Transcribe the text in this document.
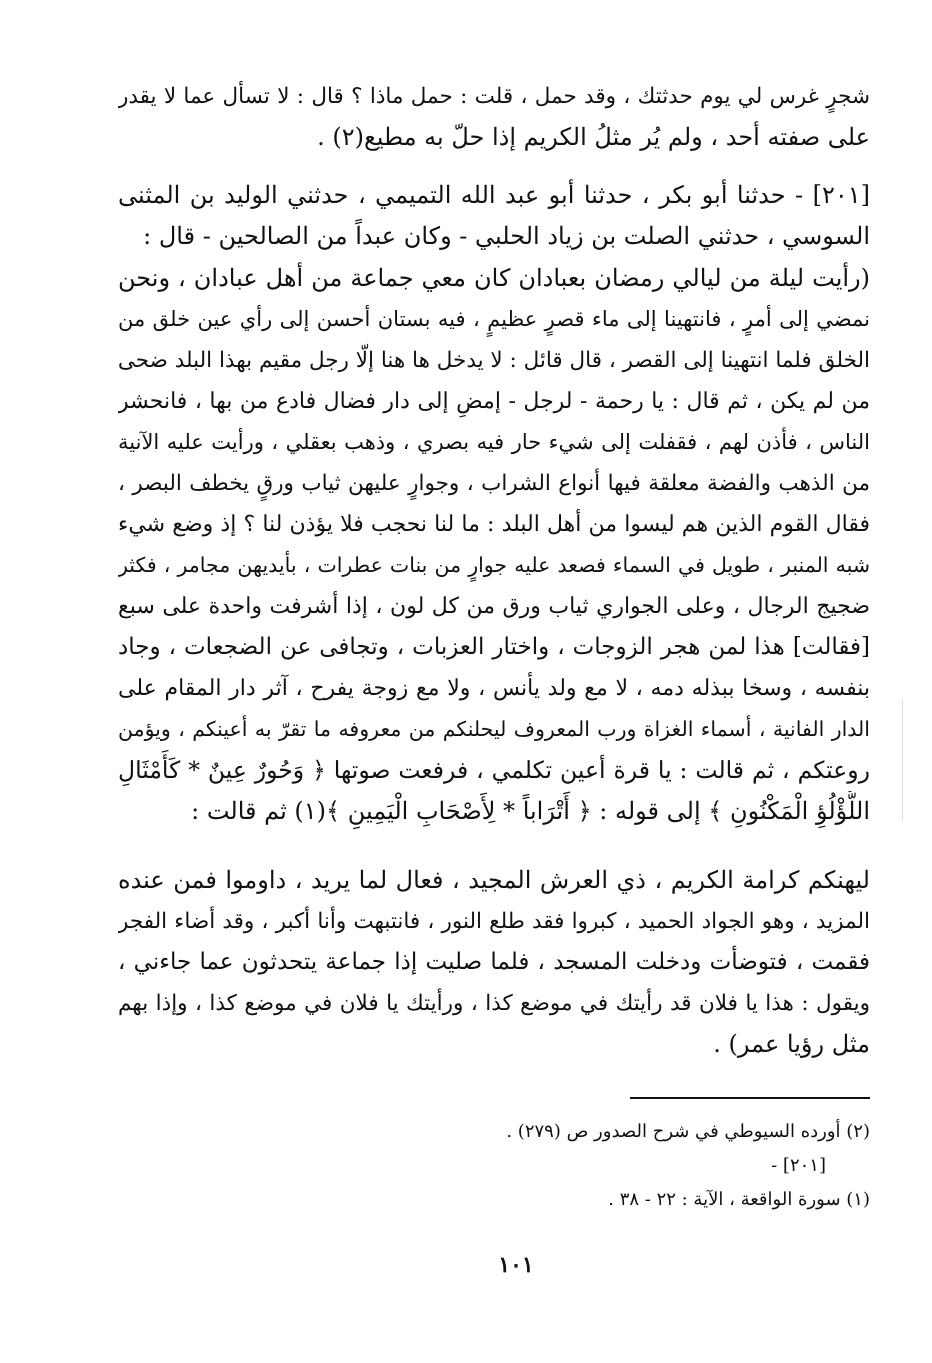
شجرٍ غرس لي يوم حدثتك ، وقد حمل ، قلت : حمل ماذا ؟ قال : لا تسأل عما لا يقدر
على صفته أحد ، ولم يُر مثلُ الكريم إذا حلّ به مطيع(٢) .
[٢٠١] - حدثنا أبو بكر ، حدثنا أبو عبد الله التميمي ، حدثني الوليد بن المثنى
السوسي ، حدثني الصلت بن زياد الحلبي - وكان عبداً من الصالحين - قال :
(رأيت ليلة من ليالي رمضان بعبادان كان معي جماعة من أهل عبادان ، ونحن
نمضي إلى أمرٍ ، فانتهينا إلى ماء قصرٍ عظيمٍ ، فيه بستان أحسن إلى رأي عين خلق من
الخلق فلما انتهينا إلى القصر ، قال قائل : لا يدخل ها هنا إلّا رجل مقيم بهذا البلد ضحى
من لم يكن ، ثم قال : يا رحمة - لرجل - إمضِ إلى دار فضال فادع من بها ، فانحشر
الناس ، فأذن لهم ، فقفلت إلى شيء حار فيه بصري ، وذهب بعقلي ، ورأيت عليه الآنية
من الذهب والفضة معلقة فيها أنواع الشراب ، وجوارٍ عليهن ثياب ورقٍ يخطف البصر ،
فقال القوم الذين هم ليسوا من أهل البلد : ما لنا نحجب فلا يؤذن لنا ؟ إذ وضع شيء
شبه المنبر ، طويل في السماء فصعد عليه جوارٍ من بنات عطرات ، بأيديهن مجامر ، فكثر
ضجيج الرجال ، وعلى الجواري ثياب ورق من كل لون ، إذا أشرفت واحدة على سبع
[فقالت] هذا لمن هجر الزوجات ، واختار العزبات ، وتجافى عن الضجعات ، وجاد
بنفسه ، وسخا ببذله دمه ، لا مع ولد يأنس ، ولا مع زوجة يفرح ، آثر دار المقام على
الدار الفانية ، أسماء الغزاة ورب المعروف ليحلنكم من معروفه ما تقرّ به أعينكم ، ويؤمن
روعتكم ، ثم قالت : يا قرة أعين تكلمي ، فرفعت صوتها ﴿ وَحُورٌ عِينٌ * كَأَمْثَالِ
اللُّؤْلُؤِ الْمَكْنُونِ ﴾ إلى قوله : ﴿ أَتْرَاباً * لِأَصْحَابِ الْيَمِينِ ﴾(١) ثم قالت :
ليهنكم كرامة الكريم ، ذي العرش المجيد ، فعال لما يريد ، داوموا فمن عنده
المزيد ، وهو الجواد الحميد ، كبروا فقد طلع النور ، فانتبهت وأنا أكبر ، وقد أضاء الفجر
فقمت ، فتوضأت ودخلت المسجد ، فلما صليت إذا جماعة يتحدثون عما جاءني ،
ويقول : هذا يا فلان قد رأيتك في موضع كذا ، ورأيتك يا فلان في موضع كذا ، وإذا بهم
مثل رؤيا عمر) .
(٢) أورده السيوطي في شرح الصدور ص (٢٧٩) .
[٢٠١] -
(١) سورة الواقعة ، الآية : ٢٢ - ٣٨ .
١٠١
